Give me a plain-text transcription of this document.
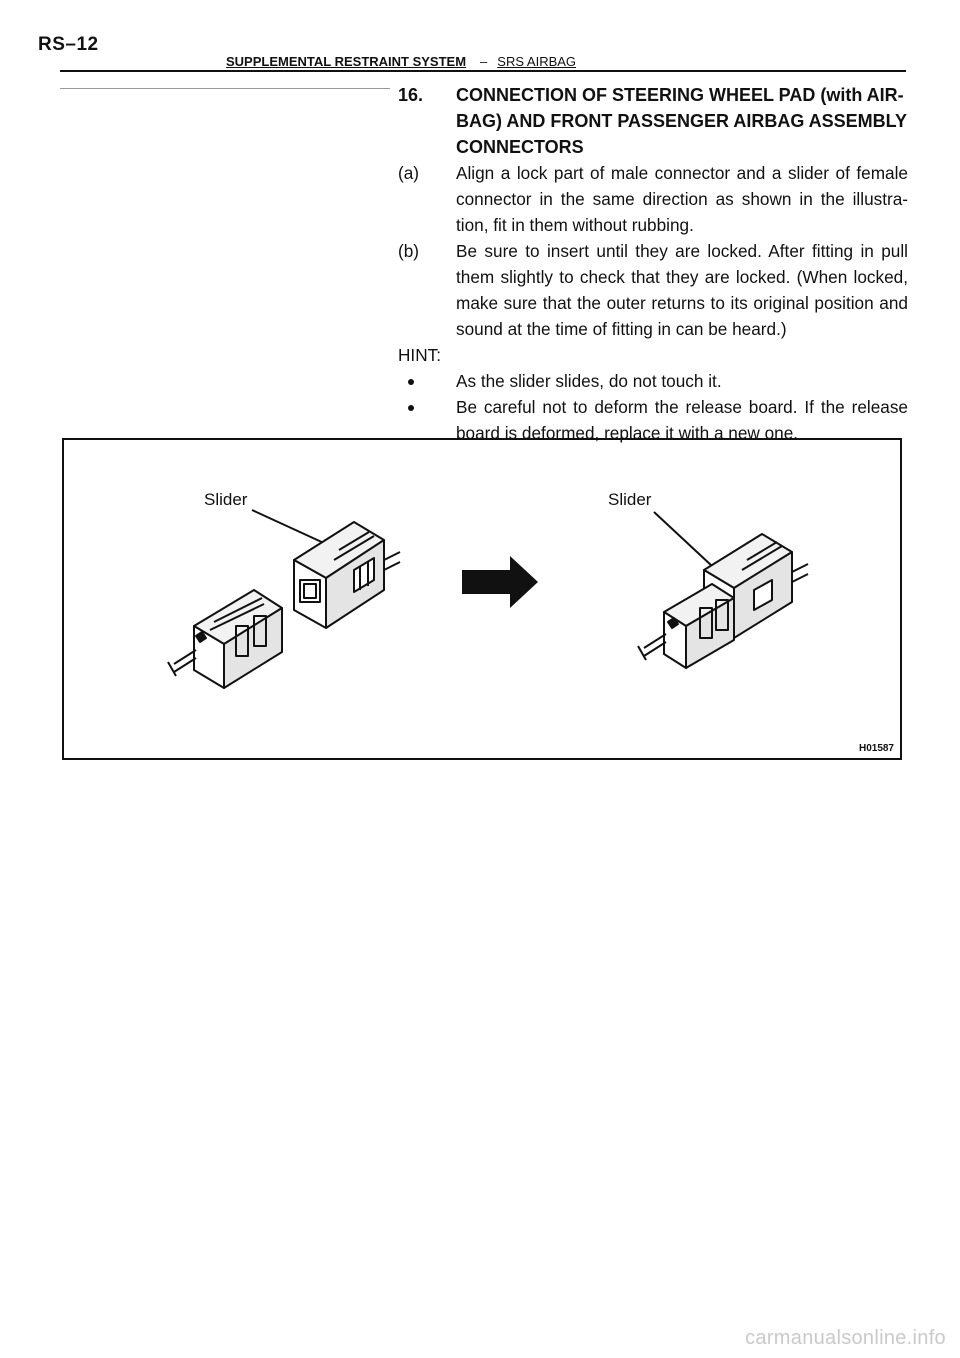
RS–12
SUPPLEMENTAL RESTRAINT SYSTEM – SRS AIRBAG
16.	CONNECTION OF STEERING WHEEL PAD (with AIR-BAG) AND FRONT PASSENGER AIRBAG ASSEMBLY CONNECTORS
(a)	Align a lock part of male connector and a slider of female connector in the same direction as shown in the illustra-tion, fit in them without rubbing.
(b)	Be sure to insert until they are locked. After fitting in pull them slightly to check that they are locked. (When locked, make sure that the outer returns to its original position and sound at the time of fitting in can be heard.)
HINT:
As the slider slides, do not touch it.
Be careful not to deform the release board. If the release board is deformed, replace it with a new one.
Slider	Slider
H01587
carmanualsonline.info
